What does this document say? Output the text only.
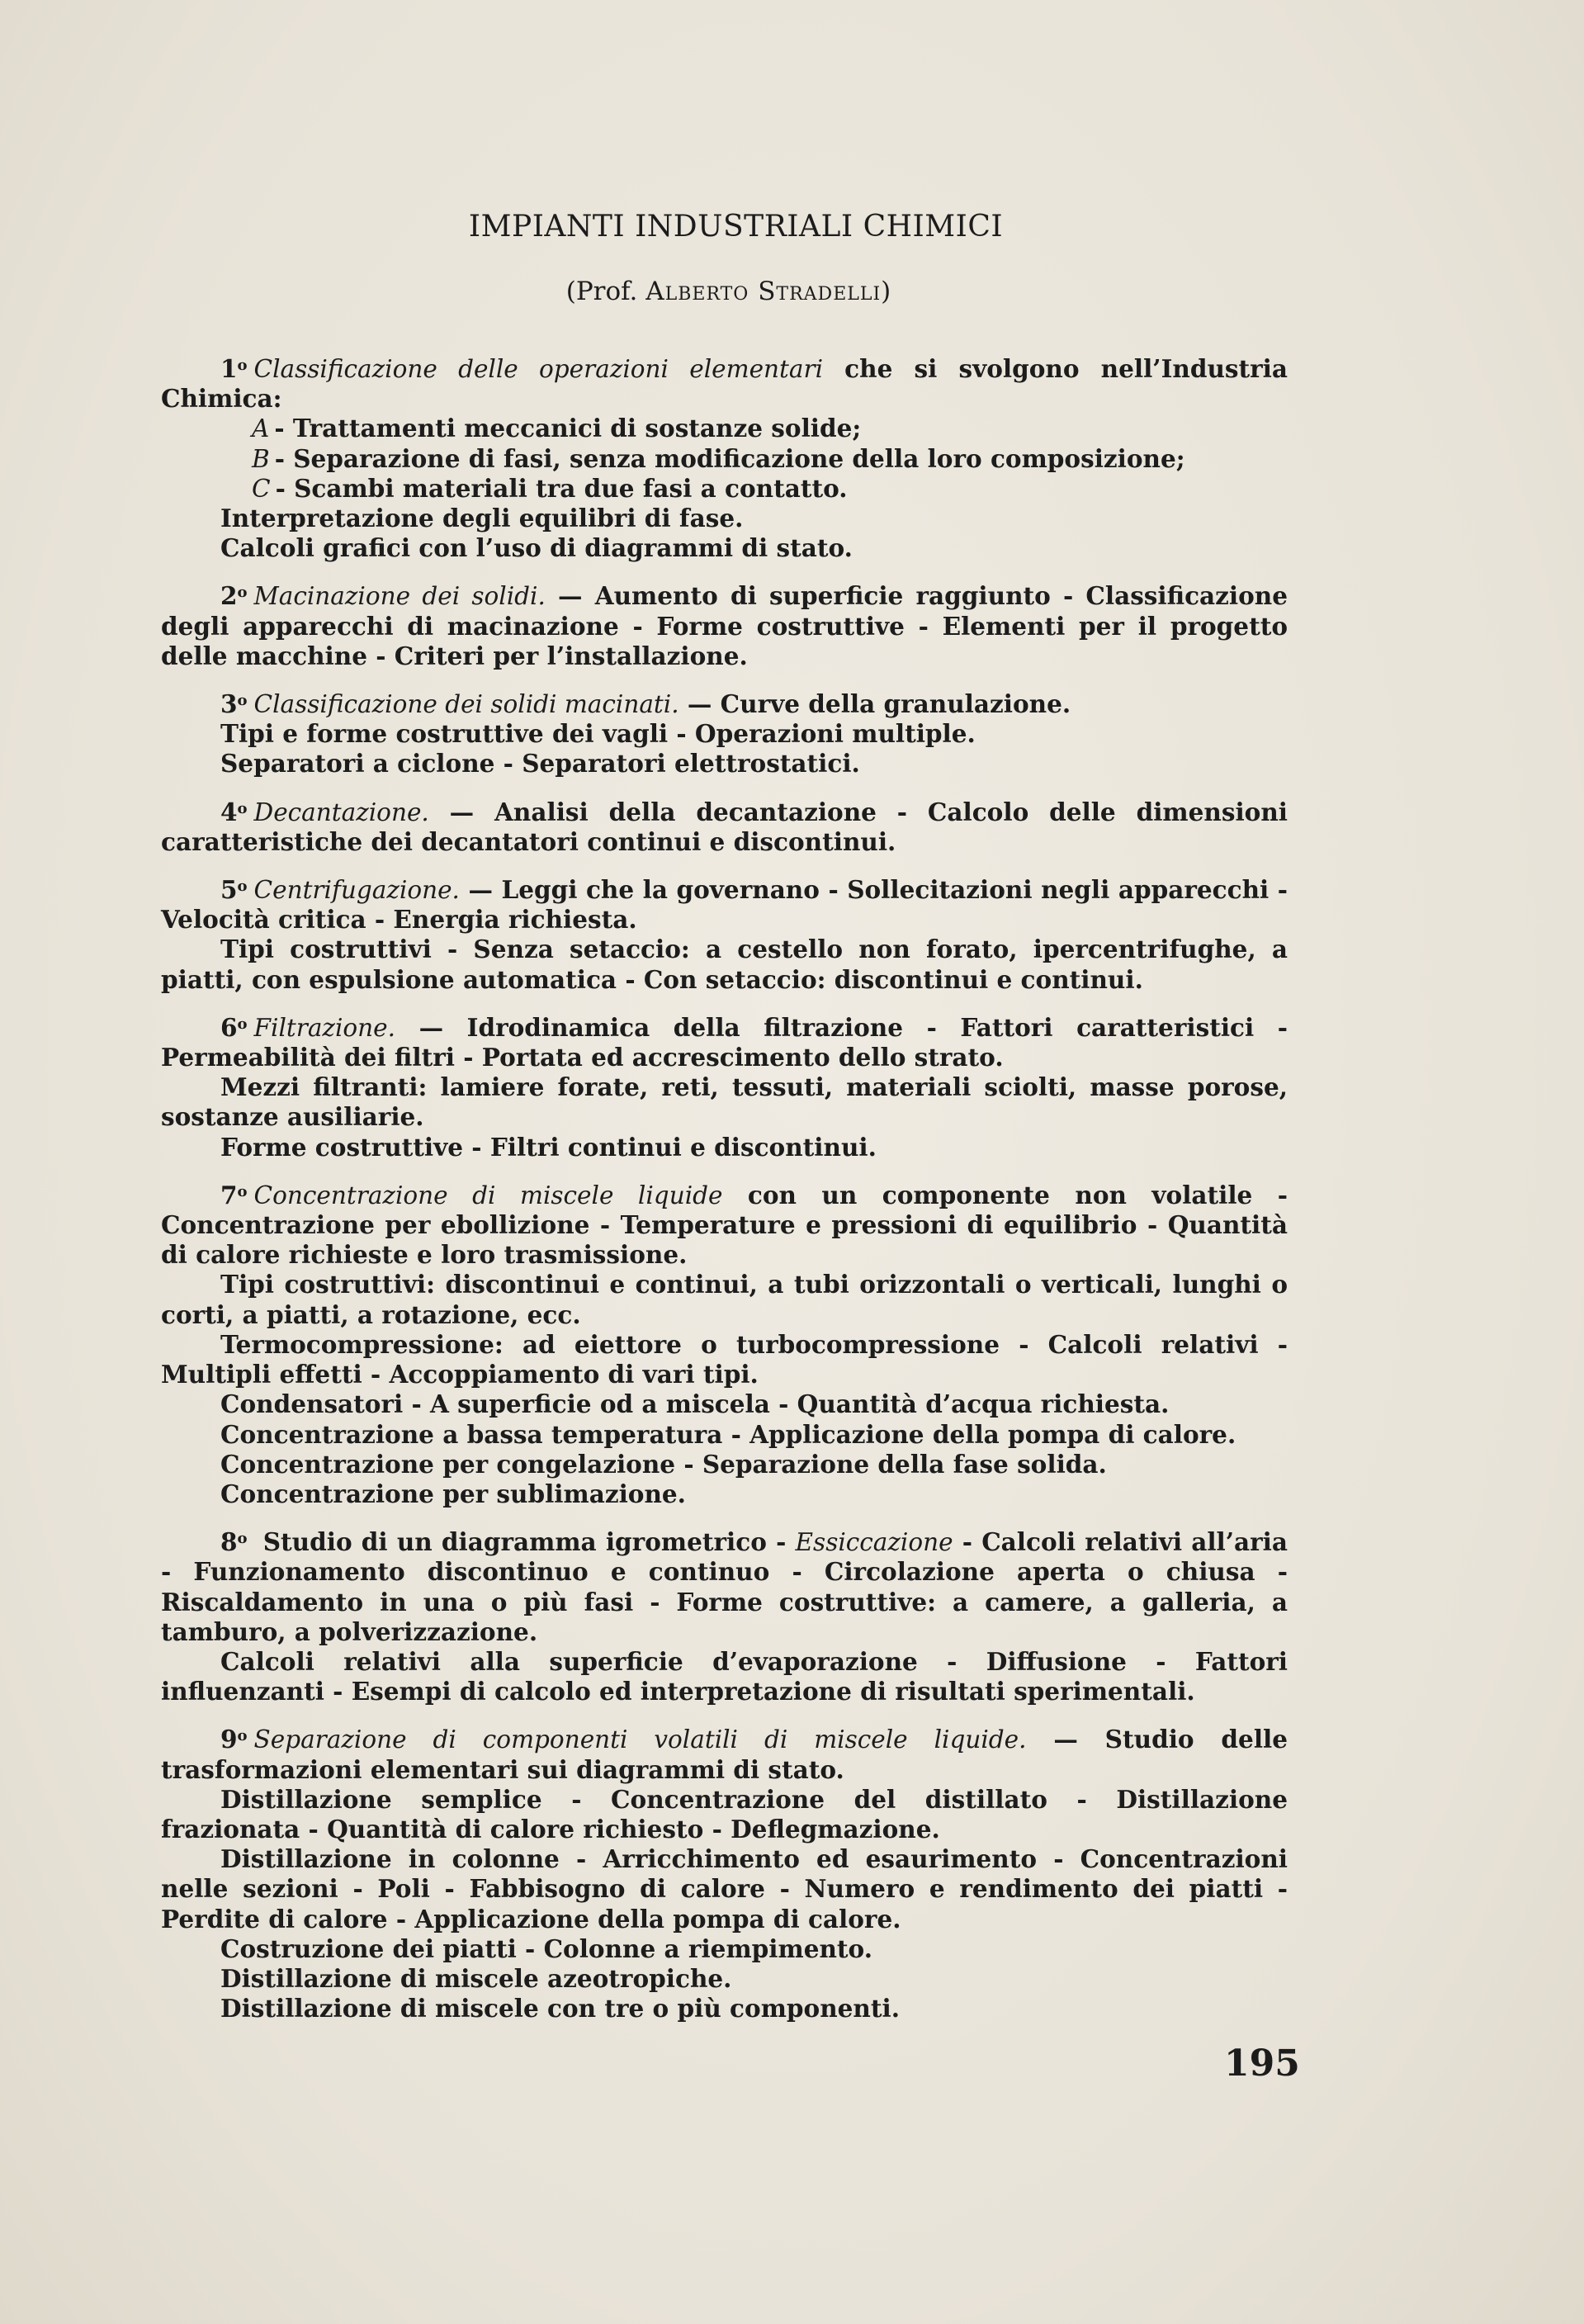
IMPIANTI INDUSTRIALI CHIMICI
(Prof. Alberto Stradelli)

1$^o$ Classificazione delle operazioni elementari che si svolgono nell’Industria Chimica:

A - Trattamenti meccanici di sostanze solide;

B - Separazione di fasi, senza modificazione della loro composizione;

C - Scambi materiali tra due fasi a contatto.

Interpretazione degli equilibri di fase.

Calcoli grafici con l’uso di diagrammi di stato.

2$^o$ Macinazione dei solidi. — Aumento di superficie raggiunto - Classificazione degli apparecchi di macinazione - Forme costruttive - Elementi per il progetto delle macchine - Criteri per l’installazione.

3$^o$ Classificazione dei solidi macinati. — Curve della granulazione.

Tipi e forme costruttive dei vagli - Operazioni multiple.

Separatori a ciclone - Separatori elettrostatici.

4$^o$ Decantazione. — Analisi della decantazione - Calcolo delle dimensioni caratteristiche dei decantatori continui e discontinui.

5$^o$ Centrifugazione. — Leggi che la governano - Sollecitazioni negli apparecchi - Velocità critica - Energia richiesta.

Tipi costruttivi - Senza setaccio: a cestello non forato, ipercentrifughe, a piatti, con espulsione automatica - Con setaccio: discontinui e continui.

6$^o$ Filtrazione. — Idrodinamica della filtrazione - Fattori caratteristici - Permeabilità dei filtri - Portata ed accrescimento dello strato.

Mezzi filtranti: lamiere forate, reti, tessuti, materiali sciolti, masse porose, sostanze ausiliarie.

Forme costruttive - Filtri continui e discontinui.

7$^o$ Concentrazione di miscele liquide con un componente non volatile - Concentrazione per ebollizione - Temperature e pressioni di equilibrio - Quantità di calore richieste e loro trasmissione.

Tipi costruttivi: discontinui e continui, a tubi orizzontali o verticali, lunghi o corti, a piatti, a rotazione, ecc.

Termocompressione: ad eiettore o turbocompressione - Calcoli relativi - Multipli effetti - Accoppiamento di vari tipi.

Condensatori - A superficie od a miscela - Quantità d’acqua richiesta.

Concentrazione a bassa temperatura - Applicazione della pompa di calore.

Concentrazione per congelazione - Separazione della fase solida.

Concentrazione per sublimazione.

8$^o$ Studio di un diagramma igrometrico - Essiccazione - Calcoli relativi all’aria - Funzionamento discontinuo e continuo - Circolazione aperta o chiusa - Riscaldamento in una o più fasi - Forme costruttive: a camere, a galleria, a tamburo, a polverizzazione.

Calcoli relativi alla superficie d’evaporazione - Diffusione - Fattori influenzanti - Esempi di calcolo ed interpretazione di risultati sperimentali.

9$^o$ Separazione di componenti volatili di miscele liquide. — Studio delle trasformazioni elementari sui diagrammi di stato.

Distillazione semplice - Concentrazione del distillato - Distillazione frazionata - Quantità di calore richiesto - Deflegmazione.

Distillazione in colonne - Arricchimento ed esaurimento - Concentrazioni nelle sezioni - Poli - Fabbisogno di calore - Numero e rendimento dei piatti - Perdite di calore - Applicazione della pompa di calore.

Costruzione dei piatti - Colonne a riempimento.

Distillazione di miscele azeotropiche.

Distillazione di miscele con tre o più componenti.

195
